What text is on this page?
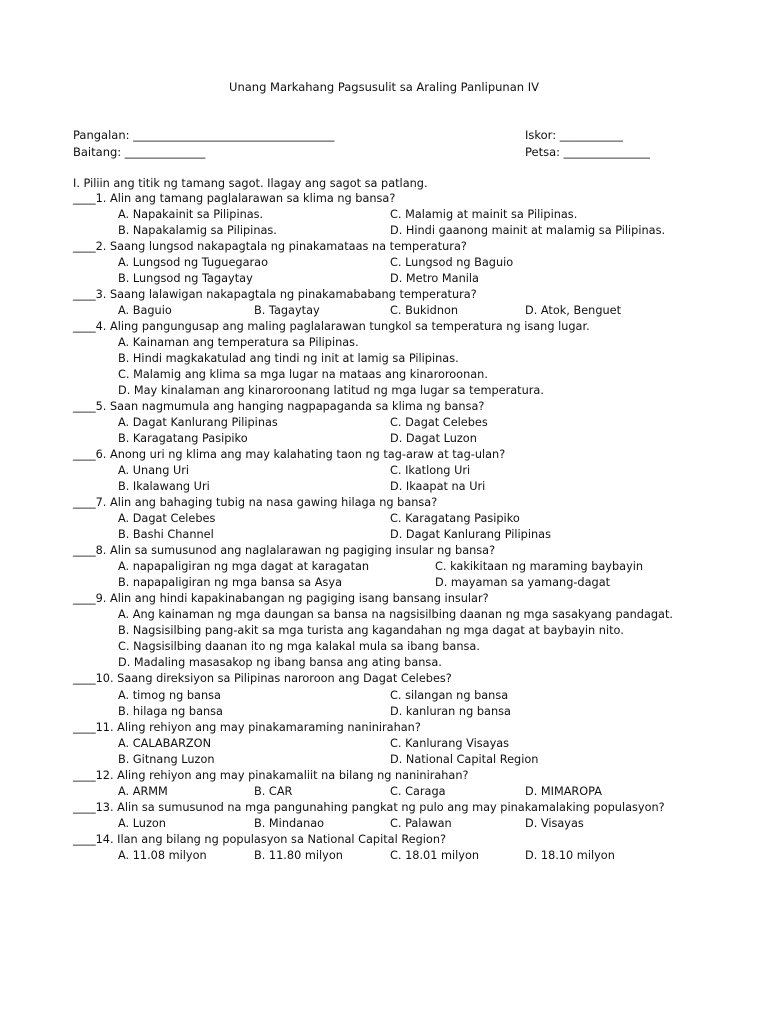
Unang Markahang Pagsusulit sa Araling Panlipunan IV
Pangalan: ___________________________________	Iskor: ___________
Baitang: ______________	Petsa: _______________
I. Piliin ang titik ng tamang sagot. Ilagay ang sagot sa patlang.
____1. Alin ang tamang paglalarawan sa klima ng bansa?
A. Napakainit sa Pilipinas.	C. Malamig at mainit sa Pilipinas.
B. Napakalamig sa Pilipinas.	D. Hindi gaanong mainit at malamig sa Pilipinas.
____2. Saang lungsod nakapagtala ng pinakamataas na temperatura?
A. Lungsod ng Tuguegarao	C. Lungsod ng Baguio
B. Lungsod ng Tagaytay	D. Metro Manila
____3. Saang lalawigan nakapagtala ng pinakamababang temperatura?
A. Baguio	B. Tagaytay	C. Bukidnon	D. Atok, Benguet
____4. Aling pangungusap ang maling paglalarawan tungkol sa temperatura ng isang lugar.
A. Kainaman ang temperatura sa Pilipinas.
B. Hindi magkakatulad ang tindi ng init at lamig sa Pilipinas.
C. Malamig ang klima sa mga lugar na mataas ang kinaroroonan.
D. May kinalaman ang kinaroroonang latitud ng mga lugar sa temperatura.
____5. Saan nagmumula ang hanging nagpapaganda sa klima ng bansa?
A. Dagat Kanlurang Pilipinas	C. Dagat Celebes
B. Karagatang Pasipiko	D. Dagat Luzon
____6. Anong uri ng klima ang may kalahating taon ng tag-araw at tag-ulan?
A. Unang Uri	C. Ikatlong Uri
B. Ikalawang Uri	D. Ikaapat na Uri
____7. Alin ang bahaging tubig na nasa gawing hilaga ng bansa?
A. Dagat Celebes	C. Karagatang Pasipiko
B. Bashi Channel	D. Dagat Kanlurang Pilipinas
____8. Alin sa sumusunod ang naglalarawan ng pagiging insular ng bansa?
A. napapaligiran ng mga dagat at karagatan	C. kakikitaan ng maraming baybayin
B. napapaligiran ng mga bansa sa Asya	D. mayaman sa yamang-dagat
____9. Alin ang hindi kapakinabangan ng pagiging isang bansang insular?
A. Ang kainaman ng mga daungan sa bansa na nagsisilbing daanan ng mga sasakyang pandagat.
B. Nagsisilbing pang-akit sa mga turista ang kagandahan ng mga dagat at baybayin nito.
C. Nagsisilbing daanan ito ng mga kalakal mula sa ibang bansa.
D. Madaling masasakop ng ibang bansa ang ating bansa.
____10. Saang direksiyon sa Pilipinas naroroon ang Dagat Celebes?
A. timog ng bansa	C. silangan ng bansa
B. hilaga ng bansa	D. kanluran ng bansa
____11. Aling rehiyon ang may pinakamaraming naninirahan?
A. CALABARZON	C. Kanlurang Visayas
B. Gitnang Luzon	D. National Capital Region
____12. Aling rehiyon ang may pinakamaliit na bilang ng naninirahan?
A. ARMM	B. CAR	C. Caraga	D. MIMAROPA
____13. Alin sa sumusunod na mga pangunahing pangkat ng pulo ang may pinakamalaking populasyon?
A. Luzon	B. Mindanao	C. Palawan	D. Visayas
____14. Ilan ang bilang ng populasyon sa National Capital Region?
A. 11.08 milyon	B. 11.80 milyon	C. 18.01 milyon	D. 18.10 milyon
